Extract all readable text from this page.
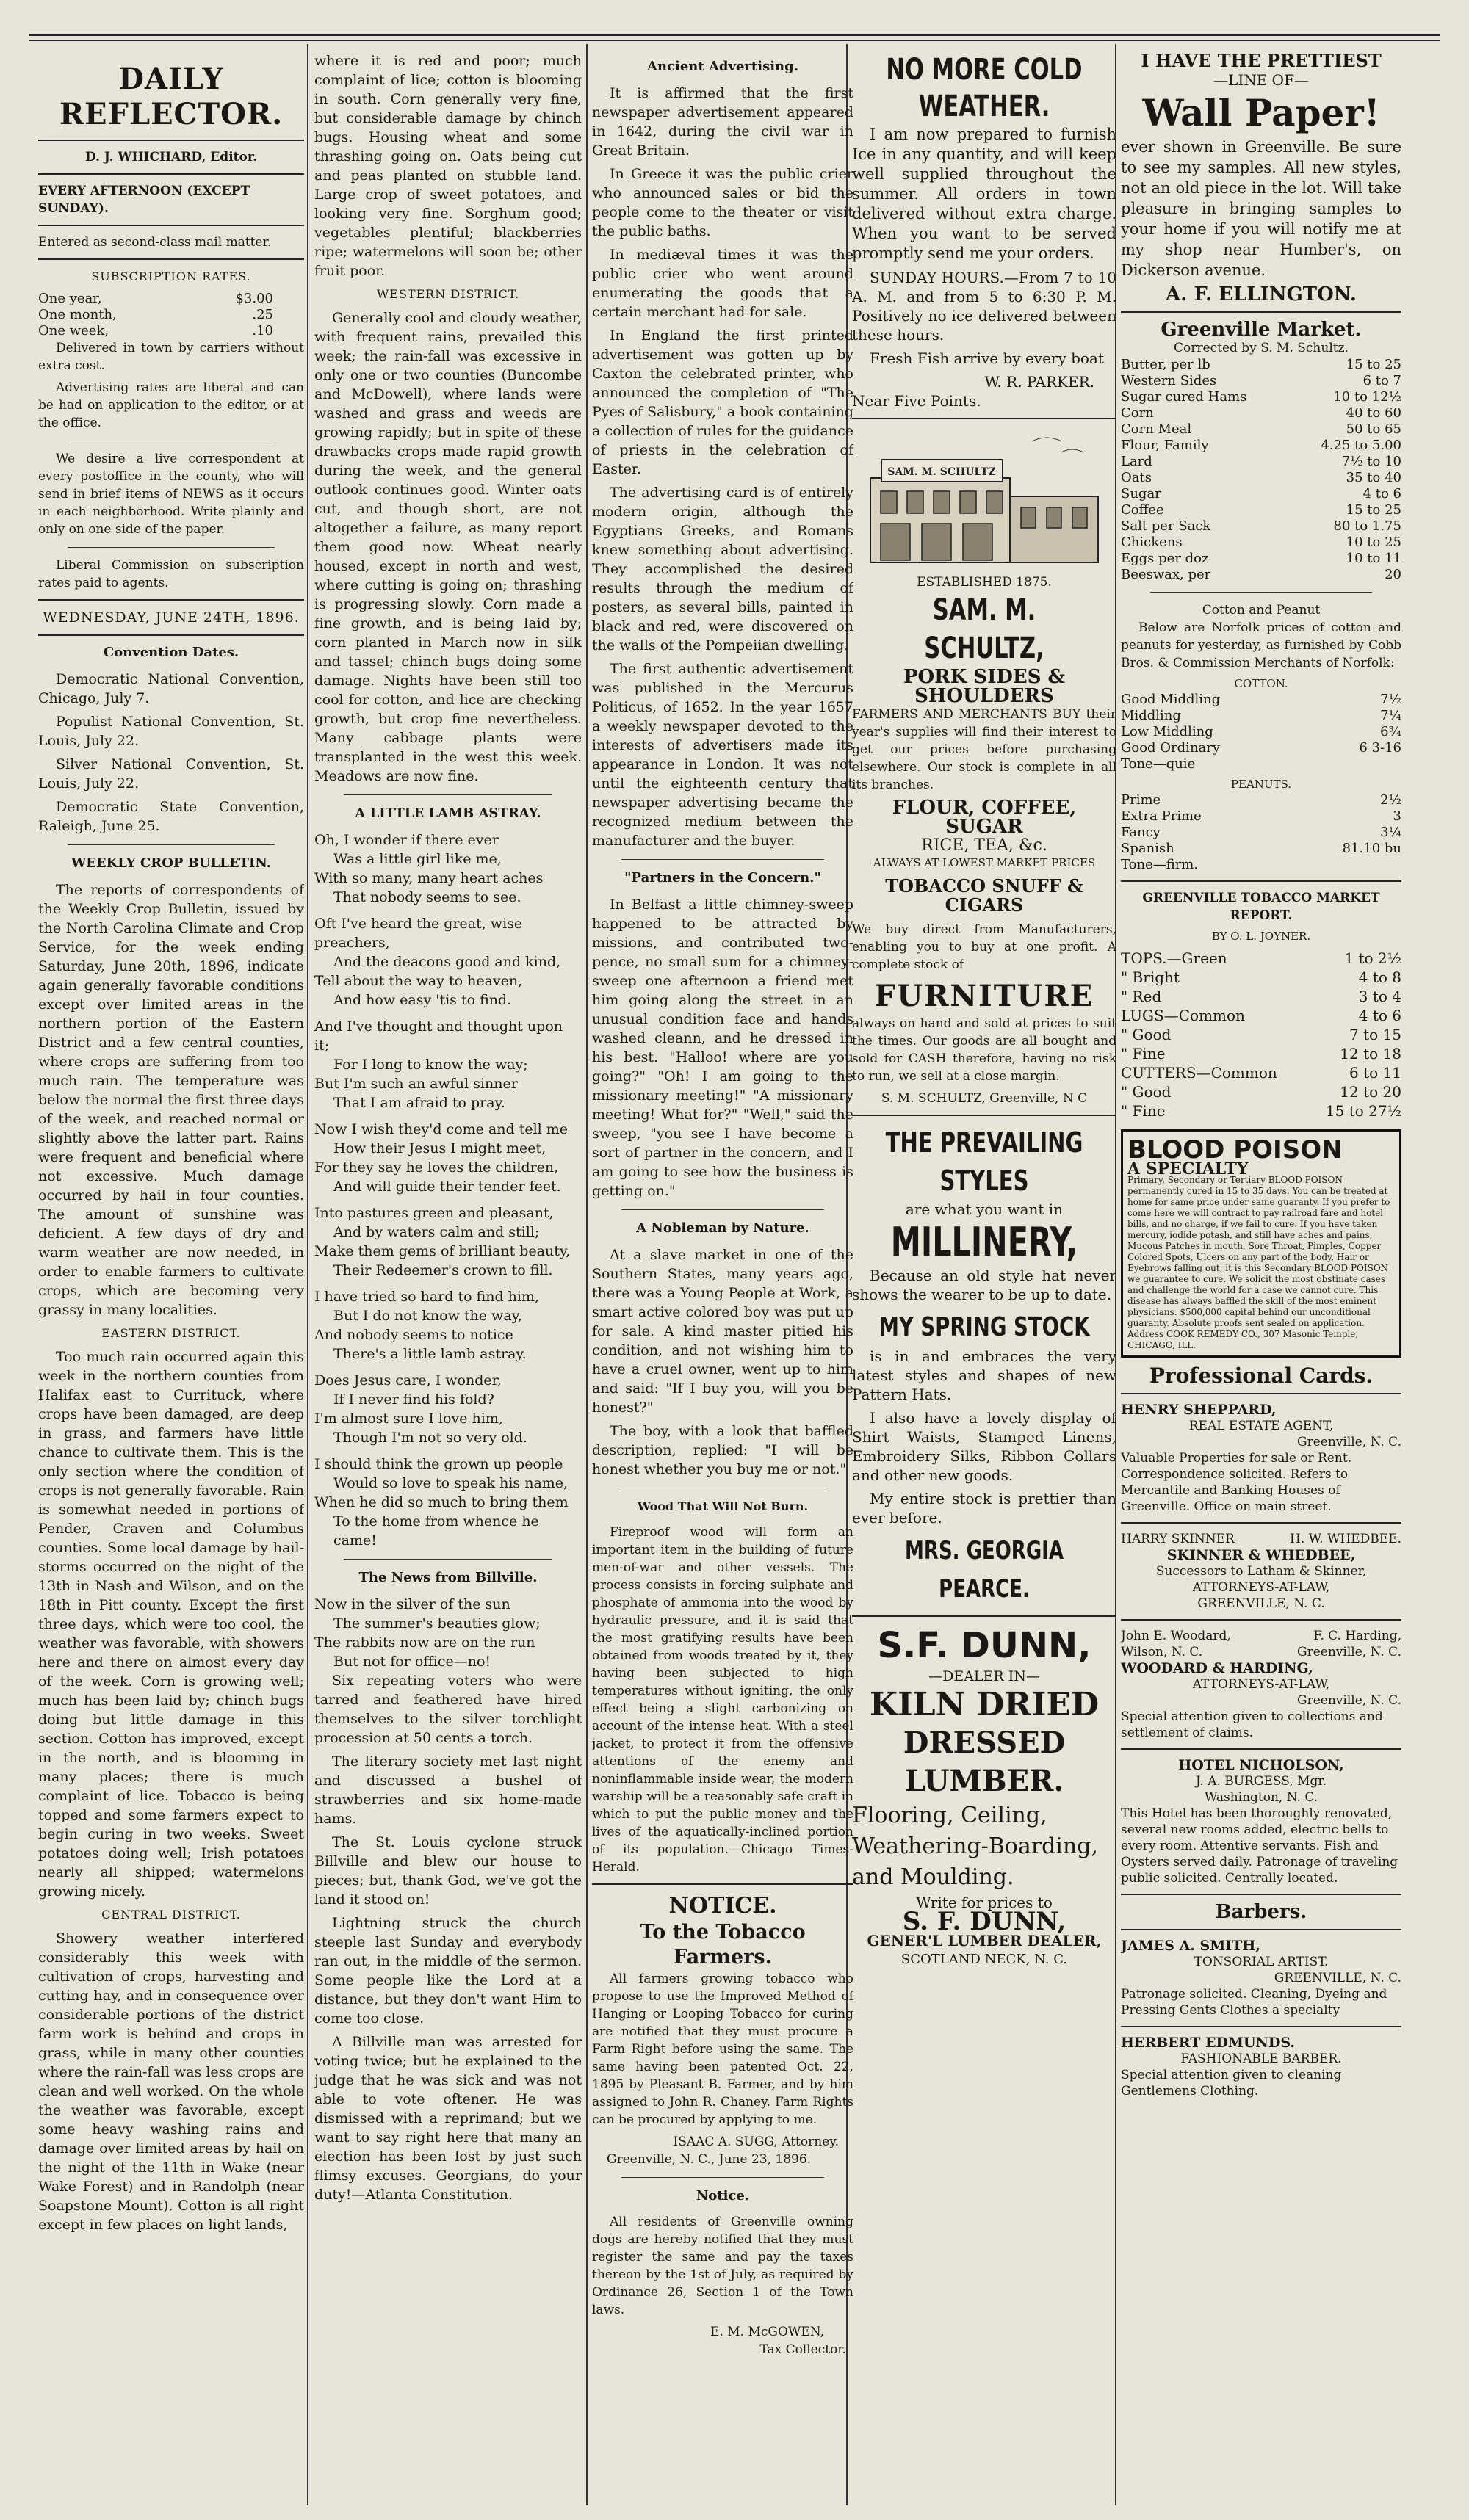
DAILY REFLECTOR.
D. J. WHICHARD, Editor.
EVERY AFTERNOON (EXCEPT SUNDAY).
Entered as second-class mail matter.
SUBSCRIPTION RATES.
One year,	$3.00
One month,	.25
One week,	.10

Delivered in town by carriers without extra cost.

Advertising rates are liberal and can be had on application to the editor, or at the office.

We desire a live correspondent at every postoffice in the county, who will send in brief items of NEWS as it occurs in each neighborhood. Write plainly and only on one side of the paper.

Liberal Commission on subscription rates paid to agents.

WEDNESDAY, JUNE 24TH, 1896.
Convention Dates.

Democratic National Convention, Chicago, July 7.

Populist National Convention, St. Louis, July 22.

Silver National Convention, St. Louis, July 22.

Democratic State Convention, Raleigh, June 25.

WEEKLY CROP BULLETIN.

The reports of correspondents of the Weekly Crop Bulletin, issued by the North Carolina Climate and Crop Service, for the week ending Saturday, June 20th, 1896, indicate again generally favorable conditions except over limited areas in the northern portion of the Eastern District and a few central counties, where crops are suffering from too much rain. The temperature was below the normal the first three days of the week, and reached normal or slightly above the latter part. Rains were frequent and beneficial where not excessive. Much damage occurred by hail in four counties. The amount of sunshine was deficient. A few days of dry and warm weather are now needed, in order to enable farmers to cultivate crops, which are becoming very grassy in many localities.

EASTERN DISTRICT.

Too much rain occurred again this week in the northern counties from Halifax east to Currituck, where crops have been damaged, are deep in grass, and farmers have little chance to cultivate them. This is the only section where the condition of crops is not generally favorable. Rain is somewhat needed in portions of Pender, Craven and Columbus counties. Some local damage by hail-storms occurred on the night of the 13th in Nash and Wilson, and on the 18th in Pitt county. Except the first three days, which were too cool, the weather was favorable, with showers here and there on almost every day of the week. Corn is growing well; much has been laid by; chinch bugs doing but little damage in this section. Cotton has improved, except in the north, and is blooming in many places; there is much complaint of lice. Tobacco is being topped and some farmers expect to begin curing in two weeks. Sweet potatoes doing well; Irish potatoes nearly all shipped; watermelons growing nicely.

CENTRAL DISTRICT.

Showery weather interfered considerably this week with cultivation of crops, harvesting and cutting hay, and in consequence over considerable portions of the district farm work is behind and crops in grass, while in many other counties where the rain-fall was less crops are clean and well worked. On the whole the weather was favorable, except some heavy washing rains and damage over limited areas by hail on the night of the 11th in Wake (near Wake Forest) and in Randolph (near Soapstone Mount). Cotton is all right except in few places on light lands,

where it is red and poor; much complaint of lice; cotton is blooming in south. Corn generally very fine, but considerable damage by chinch bugs. Housing wheat and some thrashing going on. Oats being cut and peas planted on stubble land. Large crop of sweet potatoes, and looking very fine. Sorghum good; vegetables plentiful; blackberries ripe; watermelons will soon be; other fruit poor.

WESTERN DISTRICT.

Generally cool and cloudy weather, with frequent rains, prevailed this week; the rain-fall was excessive in only one or two counties (Buncombe and McDowell), where lands were washed and grass and weeds are growing rapidly; but in spite of these drawbacks crops made rapid growth during the week, and the general outlook continues good. Winter oats cut, and though short, are not altogether a failure, as many report them good now. Wheat nearly housed, except in north and west, where cutting is going on; thrashing is progressing slowly. Corn made a fine growth, and is being laid by; corn planted in March now in silk and tassel; chinch bugs doing some damage. Nights have been still too cool for cotton, and lice are checking growth, but crop fine nevertheless. Many cabbage plants were transplanted in the west this week. Meadows are now fine.

A LITTLE LAMB ASTRAY.
Oh, I wonder if there ever
Was a little girl like me,
With so many, many heart aches
That nobody seems to see.
Oft I've heard the great, wise preachers,
And the deacons good and kind,
Tell about the way to heaven,
And how easy 'tis to find.
And I've thought and thought upon it;
For I long to know the way;
But I'm such an awful sinner
That I am afraid to pray.
Now I wish they'd come and tell me
How their Jesus I might meet,
For they say he loves the children,
And will guide their tender feet.
Into pastures green and pleasant,
And by waters calm and still;
Make them gems of brilliant beauty,
Their Redeemer's crown to fill.
I have tried so hard to find him,
But I do not know the way,
And nobody seems to notice
There's a little lamb astray.
Does Jesus care, I wonder,
If I never find his fold?
I'm almost sure I love him,
Though I'm not so very old.
I should think the grown up people
Would so love to speak his name,
When he did so much to bring them
To the home from whence he came!
The News from Billville.
Now in the silver of the sun
The summer's beauties glow;
The rabbits now are on the run
But not for office—no!

Six repeating voters who were tarred and feathered have hired themselves to the silver torchlight procession at 50 cents a torch.

The literary society met last night and discussed a bushel of strawberries and six home-made hams.

The St. Louis cyclone struck Billville and blew our house to pieces; but, thank God, we've got the land it stood on!

Lightning struck the church steeple last Sunday and everybody ran out, in the middle of the sermon. Some people like the Lord at a distance, but they don't want Him to come too close.

A Billville man was arrested for voting twice; but he explained to the judge that he was sick and was not able to vote oftener. He was dismissed with a reprimand; but we want to say right here that many an election has been lost by just such flimsy excuses. Georgians, do your duty!—Atlanta Constitution.

Ancient Advertising.

It is affirmed that the first newspaper advertisement appeared in 1642, during the civil war in Great Britain.

In Greece it was the public crier who announced sales or bid the people come to the theater or visit the public baths.

In mediæval times it was the public crier who went around enumerating the goods that a certain merchant had for sale.

In England the first printed advertisement was gotten up by Caxton the celebrated printer, who announced the completion of "The Pyes of Salisbury," a book containing a collection of rules for the guidance of priests in the celebration of Easter.

The advertising card is of entirely modern origin, although the Egyptians Greeks, and Romans knew something about advertising. They accomplished the desired results through the medium of posters, as several bills, painted in black and red, were discovered on the walls of the Pompeiian dwelling.

The first authentic advertisement was published in the Mercurus Politicus, of 1652. In the year 1657 a weekly newspaper devoted to the interests of advertisers made its appearance in London. It was not until the eighteenth century that newspaper advertising became the recognized medium between the manufacturer and the buyer.

"Partners in the Concern."

In Belfast a little chimney-sweep happened to be attracted by missions, and contributed two-pence, no small sum for a chimney-sweep one afternoon a friend met him going along the street in an unusual condition face and hands washed cleann, and he dressed in his best. "Halloo! where are you going?" "Oh! I am going to the missionary meeting!" "A missionary meeting! What for?" "Well," said the sweep, "you see I have become a sort of partner in the concern, and I am going to see how the business is getting on."

A Nobleman by Nature.

At a slave market in one of the Southern States, many years ago, there was a Young People at Work, a smart active colored boy was put up for sale. A kind master pitied his condition, and not wishing him to have a cruel owner, went up to him and said: "If I buy you, will you be honest?"

The boy, with a look that baffled description, replied: "I will be honest whether you buy me or not."

Wood That Will Not Burn.

Fireproof wood will form an important item in the building of future men-of-war and other vessels. The process consists in forcing sulphate and phosphate of ammonia into the wood by hydraulic pressure, and it is said that the most gratifying results have been obtained from woods treated by it, they having been subjected to high temperatures without igniting, the only effect being a slight carbonizing on account of the intense heat. With a steel jacket, to protect it from the offensive attentions of the enemy and noninflammable inside wear, the modern warship will be a reasonably safe craft in which to put the public money and the lives of the aquatically-inclined portion of its population.—Chicago Times-Herald.

NOTICE.
To the Tobacco Farmers.

All farmers growing tobacco who propose to use the Improved Method of Hanging or Looping Tobacco for curing are notified that they must procure a Farm Right before using the same. The same having been patented Oct. 22, 1895 by Pleasant B. Farmer, and by him assigned to John R. Chaney. Farm Rights can be procured by applying to me.

ISAAC A. SUGG, Attorney.
Greenville, N. C., June 23, 1896.
Notice.

All residents of Greenville owning dogs are hereby notified that they must register the same and pay the taxes thereon by the 1st of July, as required by Ordinance 26, Section 1 of the Town laws.

E. M. McGOWEN,
Tax Collector.
NO MORE COLD WEATHER.

I am now prepared to furnish Ice in any quantity, and will keep well supplied throughout the summer. All orders in town delivered without extra charge. When you want to be served promptly send me your orders.

SUNDAY HOURS.—From 7 to 10 A. M. and from 5 to 6:30 P. M. Positively no ice delivered between these hours.

Fresh Fish arrive by every boat

W. R. PARKER.
Near Five Points.
SAM. M. SCHULTZ
ESTABLISHED 1875.
SAM. M. SCHULTZ,
PORK SIDES & SHOULDERS

FARMERS AND MERCHANTS BUY their year's supplies will find their interest to get our prices before purchasing elsewhere. Our stock is complete in all its branches.

FLOUR, COFFEE, SUGAR
RICE, TEA, &c.
ALWAYS AT LOWEST MARKET PRICES
TOBACCO SNUFF & CIGARS

We buy direct from Manufacturers, enabling you to buy at one profit. A complete stock of

FURNITURE

always on hand and sold at prices to suit the times. Our goods are all bought and sold for CASH therefore, having no risk to run, we sell at a close margin.

S. M. SCHULTZ, Greenville, N C
THE PREVAILING STYLES
are what you want in
MILLINERY,

Because an old style hat never shows the wearer to be up to date.

MY SPRING STOCK

is in and embraces the very latest styles and shapes of new Pattern Hats.

I also have a lovely display of Shirt Waists, Stamped Linens, Embroidery Silks, Ribbon Collars and other new goods.

My entire stock is prettier than ever before.

MRS. GEORGIA PEARCE.
S.F. DUNN,
—DEALER IN—
KILN DRIED
DRESSED LUMBER.
Flooring, Ceiling,
Weathering-Boarding,
and Moulding.
Write for prices to
S. F. DUNN,
GENER'L LUMBER DEALER,
SCOTLAND NECK, N. C.
I HAVE THE PRETTIEST
—LINE OF—
Wall Paper!

ever shown in Greenville. Be sure to see my samples. All new styles, not an old piece in the lot. Will take pleasure in bringing samples to your home if you will notify me at my shop near Humber's, on Dickerson avenue.

A. F. ELLINGTON.
Greenville Market.
Corrected by S. M. Schultz.
Butter, per lb	15 to 25
Western Sides	6 to 7
Sugar cured Hams	10 to 12½
Corn	40 to 60
Corn Meal	50 to 65
Flour, Family	4.25 to 5.00
Lard	7½ to 10
Oats	35 to 40
Sugar	4 to 6
Coffee	15 to 25
Salt per Sack	80 to 1.75
Chickens	10 to 25
Eggs per doz	10 to 11
Beeswax, per	20
Cotton and Peanut

Below are Norfolk prices of cotton and peanuts for yesterday, as furnished by Cobb Bros. & Commission Merchants of Norfolk:

COTTON.
Good Middling	7½
Middling	7¼
Low Middling	6¾
Good Ordinary	6 3-16
Tone—quie	
PEANUTS.
Prime	2½
Extra Prime	3
Fancy	3¼
Spanish	81.10 bu
Tone—firm.	
GREENVILLE TOBACCO MARKET REPORT.
BY O. L. JOYNER.
TOPS.—Green	1 to 2½
" Bright	4 to 8
" Red	3 to 4
LUGS—Common	4 to 6
" Good	7 to 15
" Fine	12 to 18
CUTTERS—Common	6 to 11
" Good	12 to 20
" Fine	15 to 27½
BLOOD POISON
A SPECIALTY
Primary, Secondary or Tertiary BLOOD POISON permanently cured in 15 to 35 days. You can be treated at home for same price under same guaranty. If you prefer to come here we will contract to pay railroad fare and hotel bills, and no charge, if we fail to cure. If you have taken mercury, iodide potash, and still have aches and pains, Mucous Patches in mouth, Sore Throat, Pimples, Copper Colored Spots, Ulcers on any part of the body, Hair or Eyebrows falling out, it is this Secondary BLOOD POISON we guarantee to cure. We solicit the most obstinate cases and challenge the world for a case we cannot cure. This disease has always baffled the skill of the most eminent physicians. $500,000 capital behind our unconditional guaranty. Absolute proofs sent sealed on application. Address COOK REMEDY CO., 307 Masonic Temple, CHICAGO, ILL.
Professional Cards.
HENRY SHEPPARD,
REAL ESTATE AGENT,
Greenville, N. C.
Valuable Properties for sale or Rent. Correspondence solicited. Refers to Mercantile and Banking Houses of Greenville. Office on main street.
HARRY SKINNER	H. W. WHEDBEE.
SKINNER & WHEDBEE,
Successors to Latham & Skinner,
ATTORNEYS-AT-LAW,
GREENVILLE, N. C.
John E. Woodard,	F. C. Harding,
Wilson, N. C.	Greenville, N. C.
WOODARD & HARDING,
ATTORNEYS-AT-LAW,
Greenville, N. C.
Special attention given to collections and settlement of claims.
HOTEL NICHOLSON,
J. A. BURGESS, Mgr.
Washington, N. C.
This Hotel has been thoroughly renovated, several new rooms added, electric bells to every room. Attentive servants. Fish and Oysters served daily. Patronage of traveling public solicited. Centrally located.
Barbers.
JAMES A. SMITH,
TONSORIAL ARTIST.
GREENVILLE, N. C.
Patronage solicited. Cleaning, Dyeing and Pressing Gents Clothes a specialty
HERBERT EDMUNDS.
FASHIONABLE BARBER.
Special attention given to cleaning Gentlemens Clothing.
